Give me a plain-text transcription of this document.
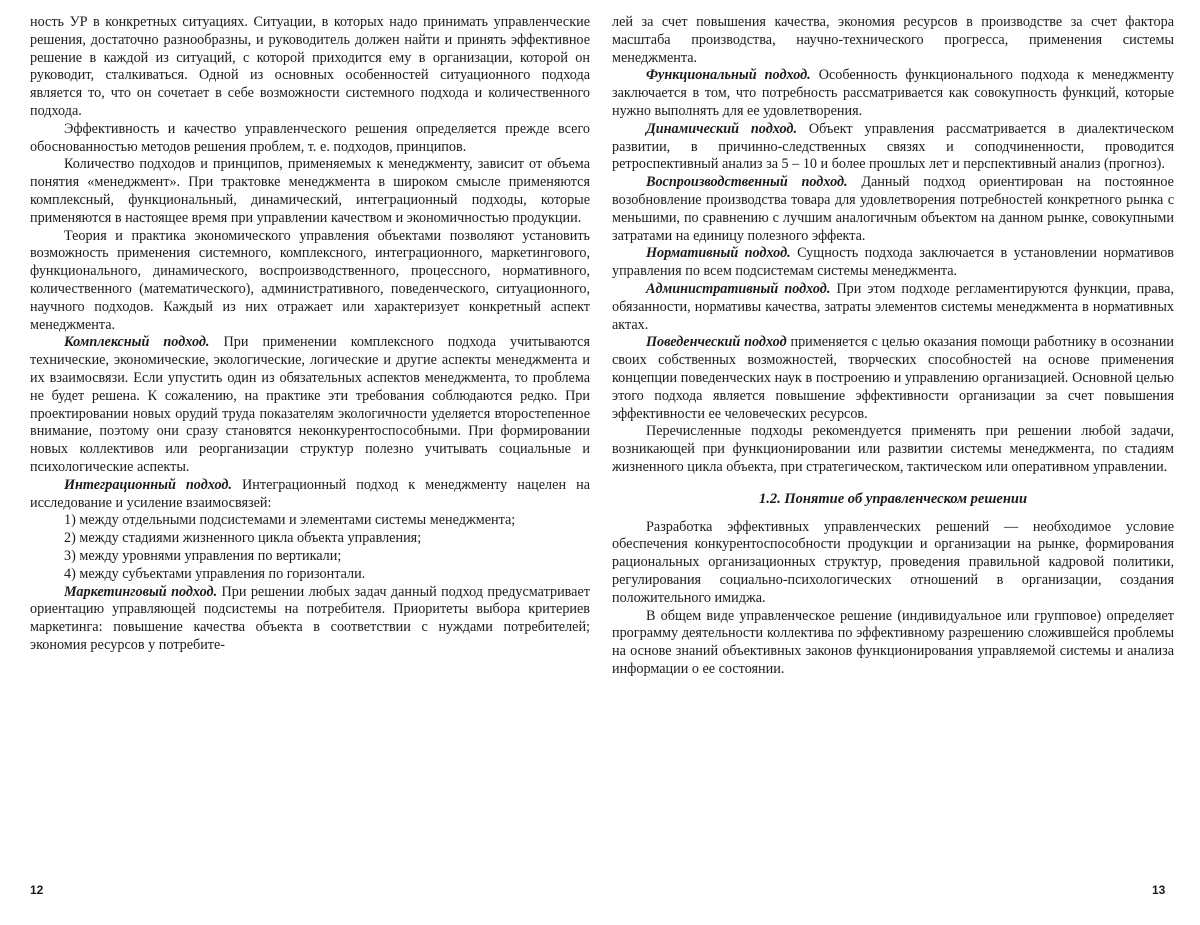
ность УР в конкретных ситуациях. Ситуации, в которых надо принимать управленческие решения, достаточно разнообразны, и руководитель должен найти и принять эффективное решение в каждой из ситуаций, с которой приходится ему в организации, которой он руководит, сталкиваться. Одной из основных особенностей ситуационного подхода является то, что он сочетает в себе возможности системного подхода и количественного подхода.

Эффективность и качество управленческого решения определяется прежде всего обоснованностью методов решения проблем, т. е. подходов, принципов.

Количество подходов и принципов, применяемых к менеджменту, зависит от объема понятия «менеджмент». При трактовке менеджмента в широком смысле применяются комплексный, функциональный, динамический, интеграционный подходы, которые применяются в настоящее время при управлении качеством и экономичностью продукции.

Теория и практика экономического управления объектами позволяют установить возможность применения системного, комплексного, интеграционного, маркетингового, функционального, динамического, воспроизводственного, процессного, нормативного, количественного (математического), административного, поведенческого, ситуационного, научного подходов. Каждый из них отражает или характеризует конкретный аспект менеджмента.

Комплексный подход. При применении комплексного подхода учитываются технические, экономические, экологические, логические и другие аспекты менеджмента и их взаимосвязи. Если упустить один из обязательных аспектов менеджмента, то проблема не будет решена. К сожалению, на практике эти требования соблюдаются редко. При проектировании новых орудий труда показателям экологичности уделяется второстепенное внимание, поэтому они сразу становятся неконкурентоспособными. При формировании новых коллективов или реорганизации структур полезно учитывать социальные и психологические аспекты.

Интеграционный подход. Интеграционный подход к менеджменту нацелен на исследование и усиление взаимосвязей:

1) между отдельными подсистемами и элементами системы менеджмента;

2) между стадиями жизненного цикла объекта управления;

3) между уровнями управления по вертикали;

4) между субъектами управления по горизонтали.

Маркетинговый подход. При решении любых задач данный подход предусматривает ориентацию управляющей подсистемы на потребителя. Приоритеты выбора критериев маркетинга: повышение качества объекта в соответствии с нуждами потребителей; экономия ресурсов у потребите-

12

лей за счет повышения качества, экономия ресурсов в производстве за счет фактора масштаба производства, научно-технического прогресса, применения системы менеджмента.

Функциональный подход. Особенность функционального подхода к менеджменту заключается в том, что потребность рассматривается как совокупность функций, которые нужно выполнять для ее удовлетворения.

Динамический подход. Объект управления рассматривается в диалектическом развитии, в причинно-следственных связях и соподчиненности, проводится ретроспективный анализ за 5 – 10 и более прошлых лет и перспективный анализ (прогноз).

Воспроизводственный подход. Данный подход ориентирован на постоянное возобновление производства товара для удовлетворения потребностей конкретного рынка с меньшими, по сравнению с лучшим аналогичным объектом на данном рынке, совокупными затратами на единицу полезного эффекта.

Нормативный подход. Сущность подхода заключается в установлении нормативов управления по всем подсистемам системы менеджмента.

Административный подход. При этом подходе регламентируются функции, права, обязанности, нормативы качества, затраты элементов системы менеджмента в нормативных актах.

Поведенческий подход применяется с целью оказания помощи работнику в осознании своих собственных возможностей, творческих способностей на основе применения концепции поведенческих наук в построению и управлению организацией. Основной целью этого подхода является повышение эффективности организации за счет повышения эффективности ее человеческих ресурсов.

Перечисленные подходы рекомендуется применять при решении любой задачи, возникающей при функционировании или развитии системы менеджмента, по стадиям жизненного цикла объекта, при стратегическом, тактическом или оперативном управлении.

1.2. Понятие об управленческом решении

Разработка эффективных управленческих решений — необходимое условие обеспечения конкурентоспособности продукции и организации на рынке, формирования рациональных организационных структур, проведения правильной кадровой политики, регулирования социально-психологических отношений в организации, создания положительного имиджа.

В общем виде управленческое решение (индивидуальное или групповое) определяет программу деятельности коллектива по эффективному разрешению сложившейся проблемы на основе знаний объективных законов функционирования управляемой системы и анализа информации о ее состоянии.

13
